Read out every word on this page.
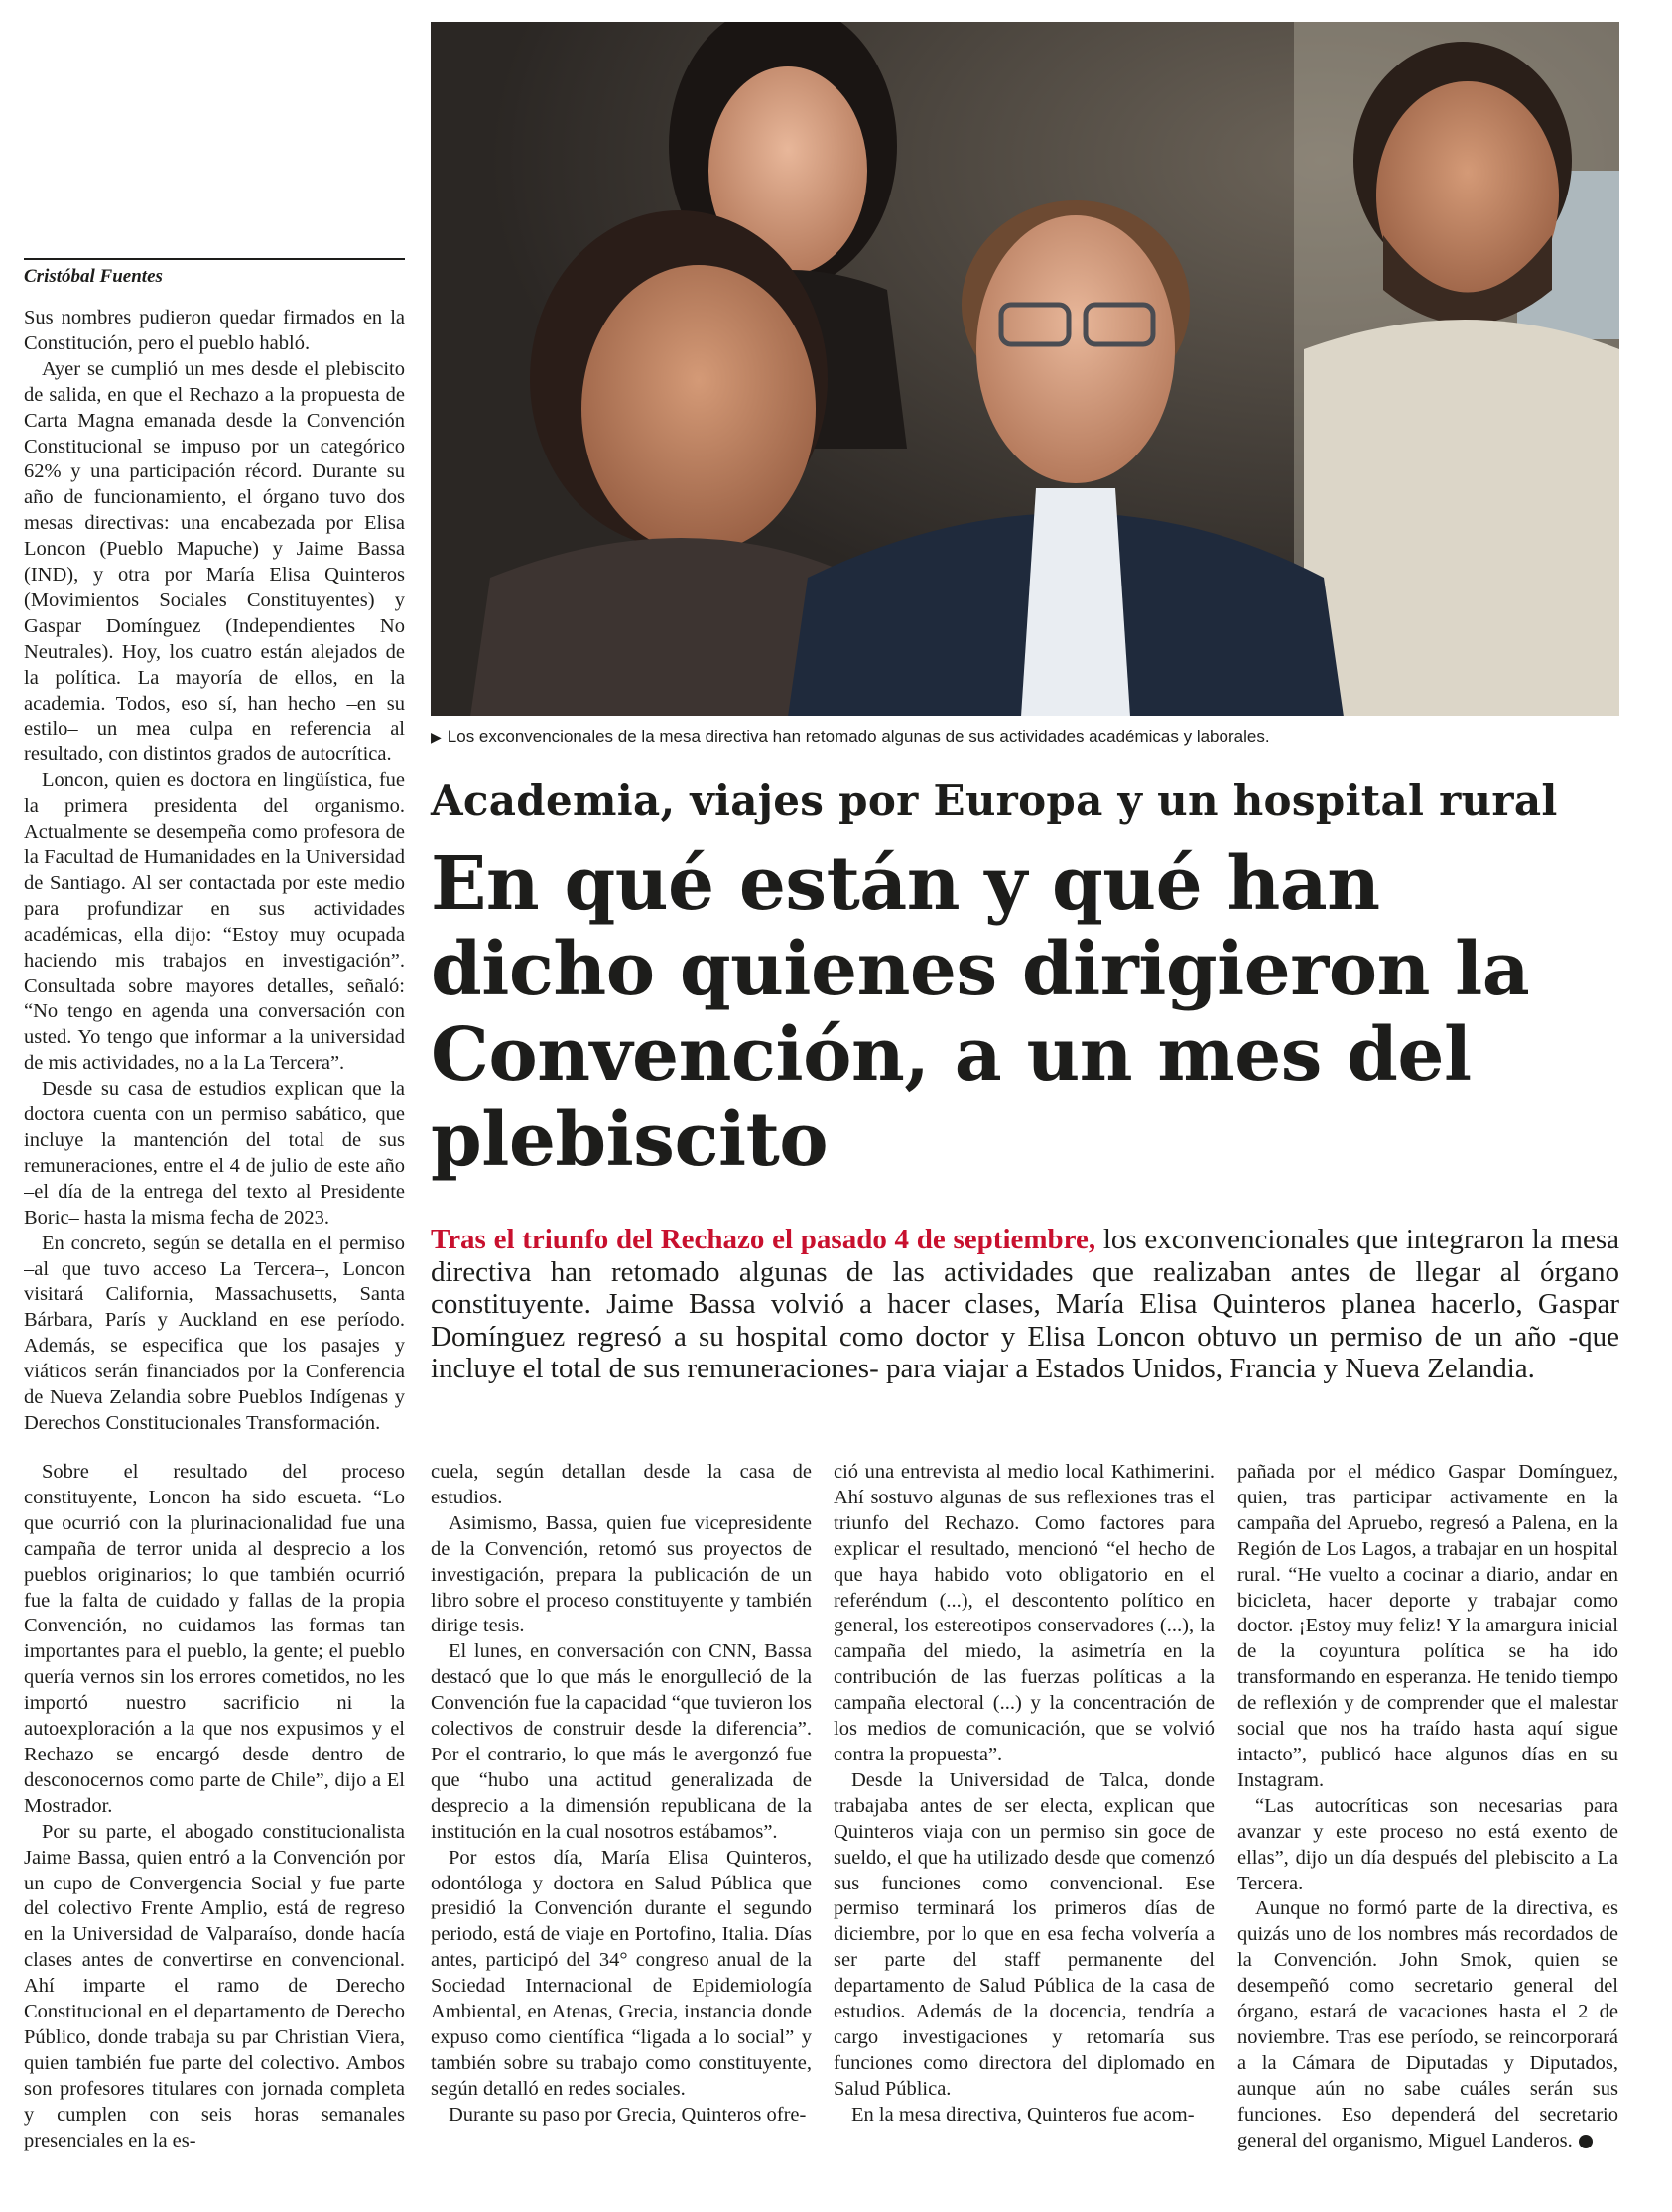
Cristóbal Fuentes
▶ Los exconvencionales de la mesa directiva han retomado algunas de sus actividades académicas y laborales.
Academia, viajes por Europa y un hospital rural
En qué están y qué han dicho quienes dirigieron la Convención, a un mes del plebiscito
Tras el triunfo del Rechazo el pasado 4 de septiembre, los exconvencionales que integraron la mesa directiva han retomado algunas de las actividades que realizaban antes de llegar al órgano constituyente. Jaime Bassa volvió a hacer clases, María Elisa Quinteros planea hacerlo, Gaspar Domínguez regresó a su hospital como doctor y Elisa Loncon obtuvo un permiso de un año -que incluye el total de sus remuneraciones- para viajar a Estados Unidos, Francia y Nueva Zelandia.

Sus nombres pudieron quedar firmados en la Constitución, pero el pueblo habló.

Ayer se cumplió un mes desde el plebiscito de salida, en que el Rechazo a la propuesta de Carta Magna emanada desde la Convención Constitucional se impuso por un categórico 62% y una participación récord. Durante su año de funcionamiento, el órgano tuvo dos mesas directivas: una encabezada por Elisa Loncon (Pueblo Mapuche) y Jaime Bassa (IND), y otra por María Elisa Quinteros (Movimientos Sociales Constituyentes) y Gaspar Domínguez (Independientes No Neutrales). Hoy, los cuatro están alejados de la política. La mayoría de ellos, en la academia. Todos, eso sí, han hecho –en su estilo– un mea culpa en referencia al resultado, con distintos grados de autocrítica.

Loncon, quien es doctora en lingüística, fue la primera presidenta del organismo. Actualmente se desempeña como profesora de la Facultad de Humanidades en la Universidad de Santiago. Al ser contactada por este medio para profundizar en sus actividades académicas, ella dijo: “Estoy muy ocupada haciendo mis trabajos en investigación”. Consultada sobre mayores detalles, señaló: “No tengo en agenda una conversación con usted. Yo tengo que informar a la universidad de mis actividades, no a la La Tercera”.

Desde su casa de estudios explican que la doctora cuenta con un permiso sabático, que incluye la mantención del total de sus remuneraciones, entre el 4 de julio de este año –el día de la entrega del texto al Presidente Boric– hasta la misma fecha de 2023.

En concreto, según se detalla en el permiso –al que tuvo acceso La Tercera–, Loncon visitará California, Massachusetts, Santa Bárbara, París y Auckland en ese período. Además, se especifica que los pasajes y viáticos serán financiados por la Conferencia de Nueva Zelandia sobre Pueblos Indígenas y Derechos Constitucionales Transformación.

Sobre el resultado del proceso constituyente, Loncon ha sido escueta. “Lo que ocurrió con la plurinacionalidad fue una campaña de terror unida al desprecio a los pueblos originarios; lo que también ocurrió fue la falta de cuidado y fallas de la propia Convención, no cuidamos las formas tan importantes para el pueblo, la gente; el pueblo quería vernos sin los errores cometidos, no les importó nuestro sacrificio ni la autoexploración a la que nos expusimos y el Rechazo se encargó desde dentro de desconocernos como parte de Chile”, dijo a El Mostrador.

Por su parte, el abogado constitucionalista Jaime Bassa, quien entró a la Convención por un cupo de Convergencia Social y fue parte del colectivo Frente Amplio, está de regreso en la Universidad de Valparaíso, donde hacía clases antes de convertirse en convencional. Ahí imparte el ramo de Derecho Constitucional en el departamento de Derecho Público, donde trabaja su par Christian Viera, quien también fue parte del colectivo. Ambos son profesores titulares con jornada completa y cumplen con seis horas semanales presenciales en la es-

cuela, según detallan desde la casa de estudios.

Asimismo, Bassa, quien fue vicepresidente de la Convención, retomó sus proyectos de investigación, prepara la publicación de un libro sobre el proceso constituyente y también dirige tesis.

El lunes, en conversación con CNN, Bassa destacó que lo que más le enorgulleció de la Convención fue la capacidad “que tuvieron los colectivos de construir desde la diferencia”. Por el contrario, lo que más le avergonzó fue que “hubo una actitud generalizada de desprecio a la dimensión republicana de la institución en la cual nosotros estábamos”.

Por estos día, María Elisa Quinteros, odontóloga y doctora en Salud Pública que presidió la Convención durante el segundo periodo, está de viaje en Portofino, Italia. Días antes, participó del 34° congreso anual de la Sociedad Internacional de Epidemiología Ambiental, en Atenas, Grecia, instancia donde expuso como científica “ligada a lo social” y también sobre su trabajo como constituyente, según detalló en redes sociales.

Durante su paso por Grecia, Quinteros ofre-

ció una entrevista al medio local Kathimerini. Ahí sostuvo algunas de sus reflexiones tras el triunfo del Rechazo. Como factores para explicar el resultado, mencionó “el hecho de que haya habido voto obligatorio en el referéndum (...), el descontento político en general, los estereotipos conservadores (...), la campaña del miedo, la asimetría en la contribución de las fuerzas políticas a la campaña electoral (...) y la concentración de los medios de comunicación, que se volvió contra la propuesta”.

Desde la Universidad de Talca, donde trabajaba antes de ser electa, explican que Quinteros viaja con un permiso sin goce de sueldo, el que ha utilizado desde que comenzó sus funciones como convencional. Ese permiso terminará los primeros días de diciembre, por lo que en esa fecha volvería a ser parte del staff permanente del departamento de Salud Pública de la casa de estudios. Además de la docencia, tendría a cargo investigaciones y retomaría sus funciones como directora del diplomado en Salud Pública.

En la mesa directiva, Quinteros fue acom-

pañada por el médico Gaspar Domínguez, quien, tras participar activamente en la campaña del Apruebo, regresó a Palena, en la Región de Los Lagos, a trabajar en un hospital rural. “He vuelto a cocinar a diario, andar en bicicleta, hacer deporte y trabajar como doctor. ¡Estoy muy feliz! Y la amargura inicial de la coyuntura política se ha ido transformando en esperanza. He tenido tiempo de reflexión y de comprender que el malestar social que nos ha traído hasta aquí sigue intacto”, publicó hace algunos días en su Instagram.

“Las autocríticas son necesarias para avanzar y este proceso no está exento de ellas”, dijo un día después del plebiscito a La Tercera.

Aunque no formó parte de la directiva, es quizás uno de los nombres más recordados de la Convención. John Smok, quien se desempeñó como secretario general del órgano, estará de vacaciones hasta el 2 de noviembre. Tras ese período, se reincorporará a la Cámara de Diputadas y Diputados, aunque aún no sabe cuáles serán sus funciones. Eso dependerá del secretario general del organismo, Miguel Landeros.
